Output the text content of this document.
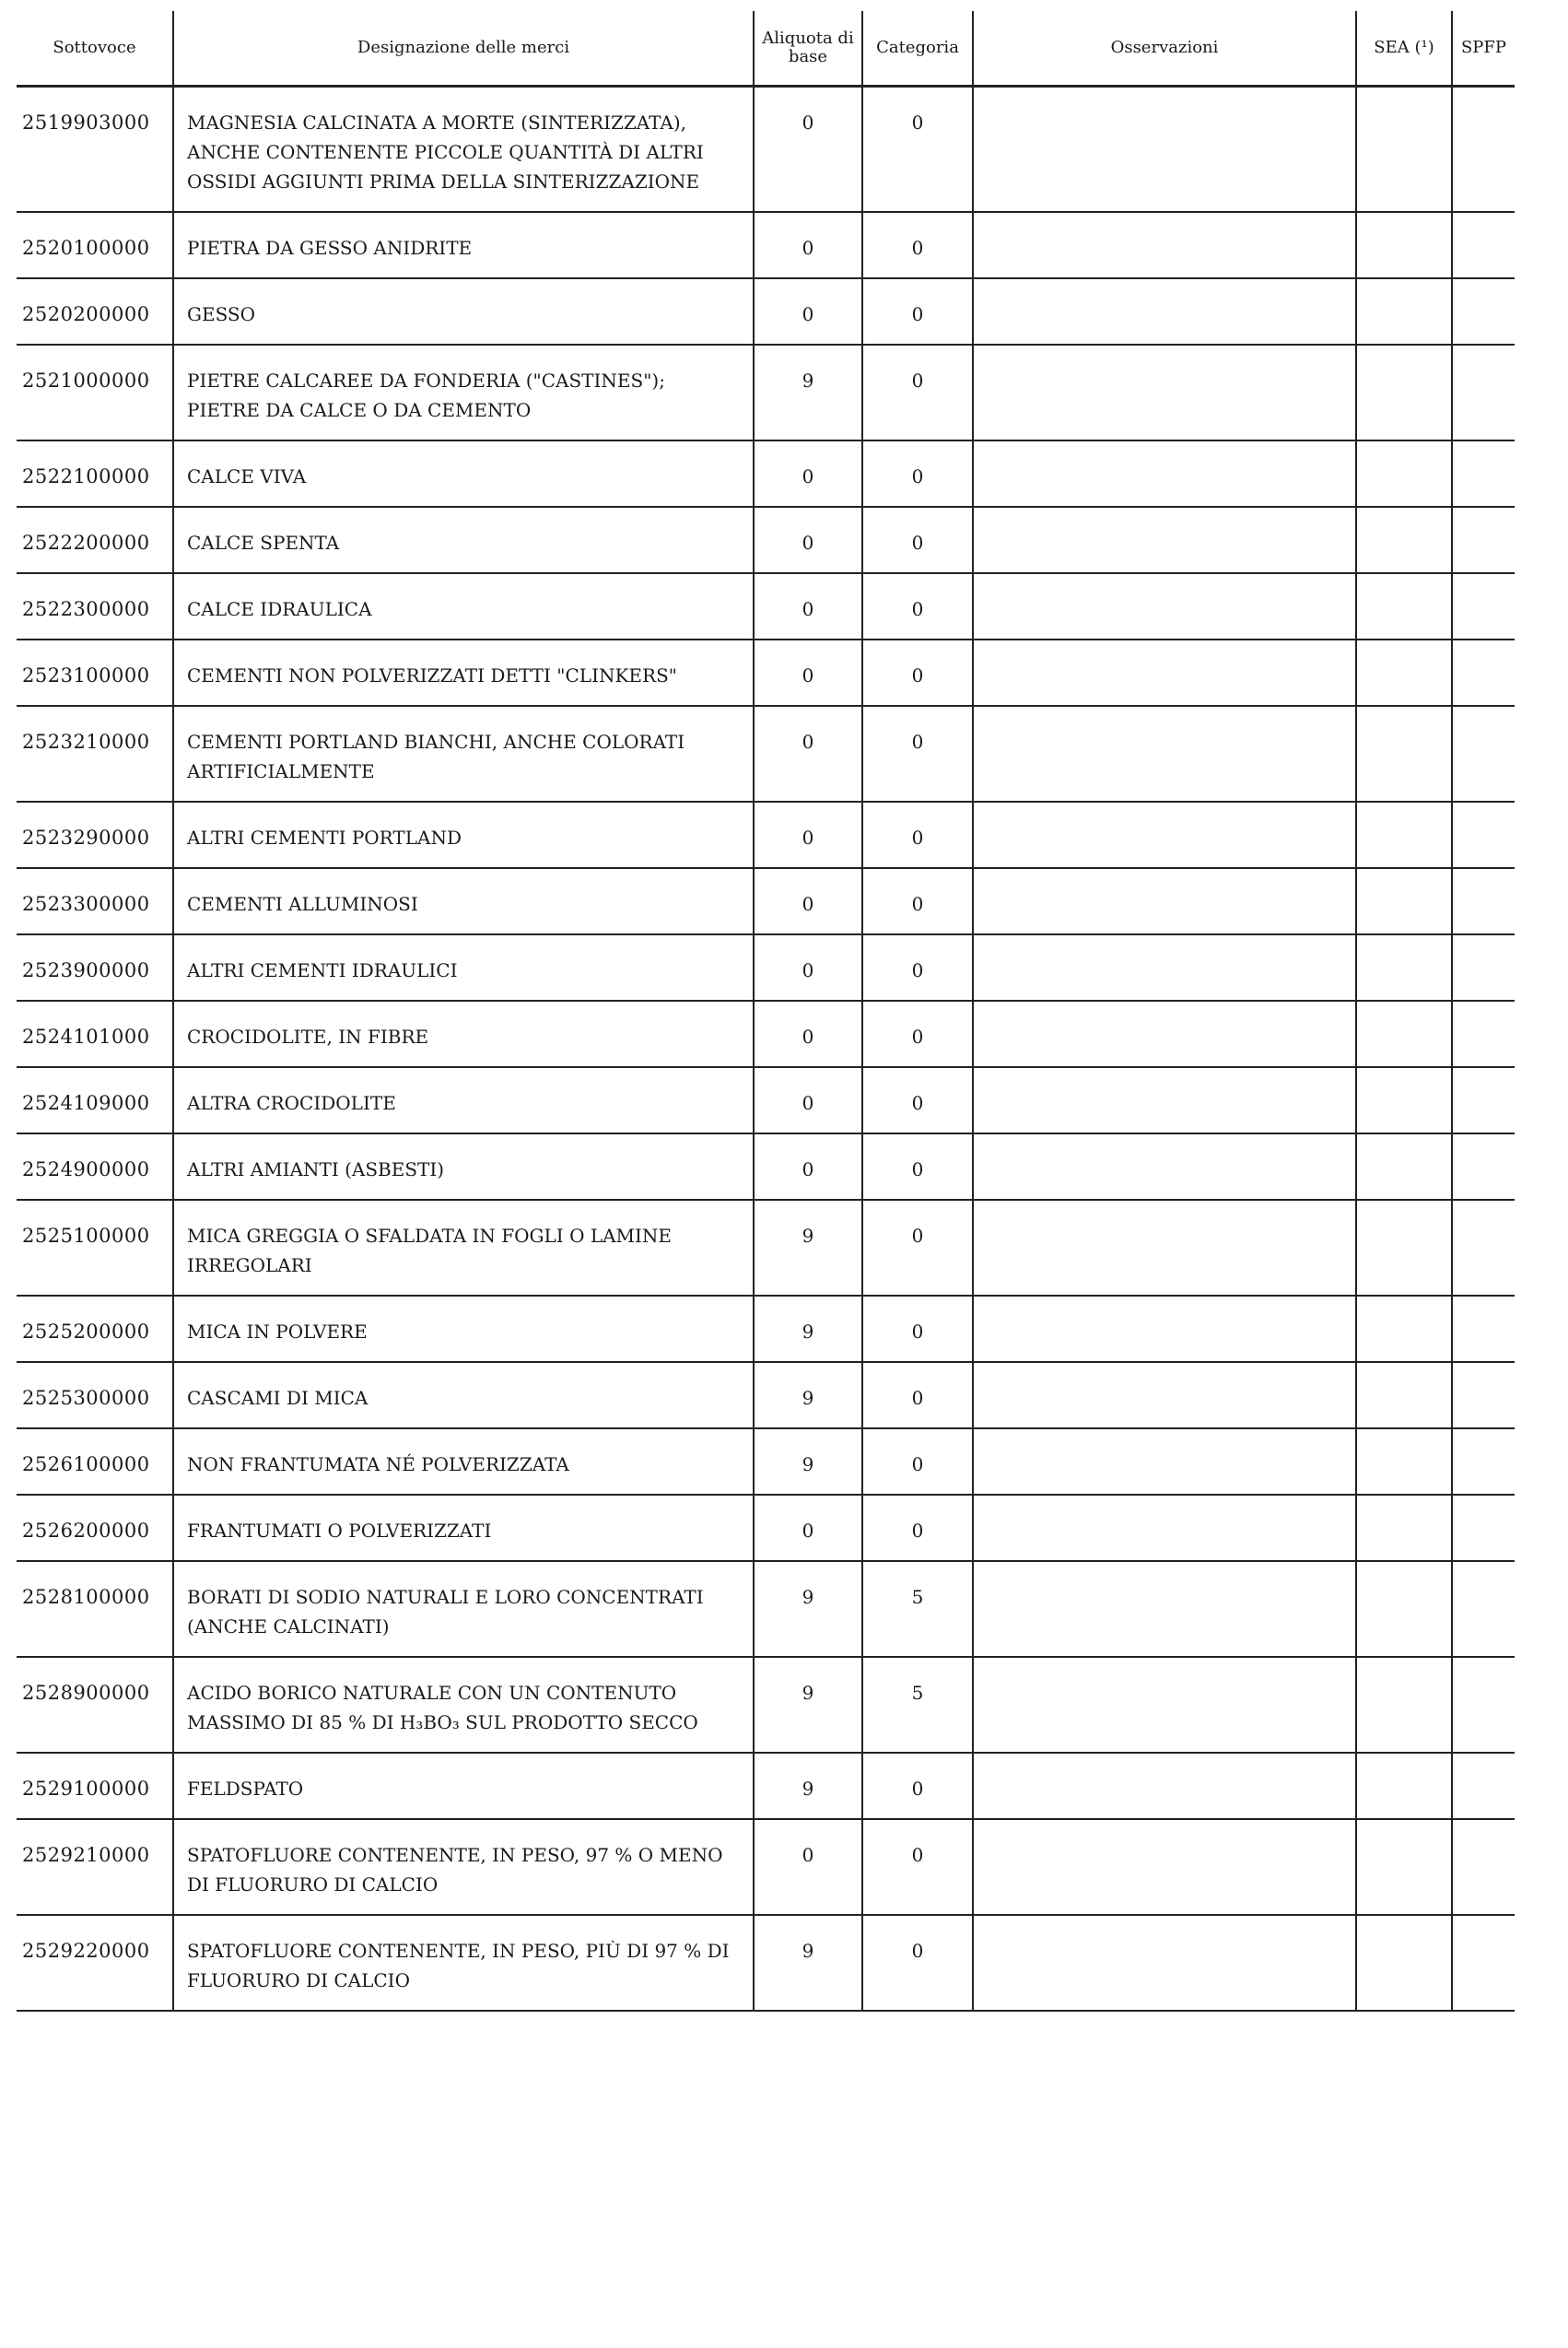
Sottovoce	Designazione delle merci	Aliquota di base	Categoria	Osservazioni	SEA (¹)	SPFP
2519903000	MAGNESIA CALCINATA A MORTE (SINTERIZZATA), ANCHE CONTENENTE PICCOLE QUANTITÀ DI ALTRI OSSIDI AGGIUNTI PRIMA DELLA SINTERIZZAZIONE	0	0			
2520100000	PIETRA DA GESSO ANIDRITE	0	0			
2520200000	GESSO	0	0			
2521000000	PIETRE CALCAREE DA FONDERIA ("CASTINES"); PIETRE DA CALCE O DA CEMENTO	9	0			
2522100000	CALCE VIVA	0	0			
2522200000	CALCE SPENTA	0	0			
2522300000	CALCE IDRAULICA	0	0			
2523100000	CEMENTI NON POLVERIZZATI DETTI "CLINKERS"	0	0			
2523210000	CEMENTI PORTLAND BIANCHI, ANCHE COLORATI ARTIFICIALMENTE	0	0			
2523290000	ALTRI CEMENTI PORTLAND	0	0			
2523300000	CEMENTI ALLUMINOSI	0	0			
2523900000	ALTRI CEMENTI IDRAULICI	0	0			
2524101000	CROCIDOLITE, IN FIBRE	0	0			
2524109000	ALTRA CROCIDOLITE	0	0			
2524900000	ALTRI AMIANTI (ASBESTI)	0	0			
2525100000	MICA GREGGIA O SFALDATA IN FOGLI O LAMINE IRREGOLARI	9	0			
2525200000	MICA IN POLVERE	9	0			
2525300000	CASCAMI DI MICA	9	0			
2526100000	NON FRANTUMATA NÉ POLVERIZZATA	9	0			
2526200000	FRANTUMATI O POLVERIZZATI	0	0			
2528100000	BORATI DI SODIO NATURALI E LORO CONCENTRATI (ANCHE CALCINATI)	9	5			
2528900000	ACIDO BORICO NATURALE CON UN CONTENUTO MASSIMO DI 85 % DI H₃BO₃ SUL PRODOTTO SECCO	9	5			
2529100000	FELDSPATO	9	0			
2529210000	SPATOFLUORE CONTENENTE, IN PESO, 97 % O MENO DI FLUORURO DI CALCIO	0	0			
2529220000	SPATOFLUORE CONTENENTE, IN PESO, PIÙ DI 97 % DI FLUORURO DI CALCIO	9	0			
